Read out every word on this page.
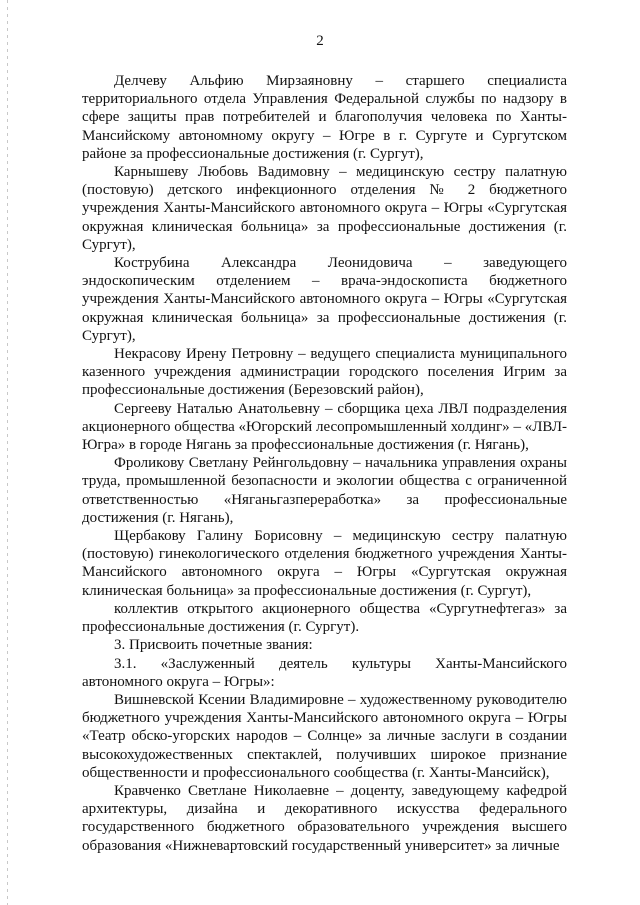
2

Делчеву Альфию Мирзаяновну – старшего специалиста территориального отдела Управления Федеральной службы по надзору в сфере защиты прав потребителей и благополучия человека по Ханты-Мансийскому автономному округу – Югре в г. Сургуте и Сургутском районе за профессиональные достижения (г. Сургут),

Карнышеву Любовь Вадимовну – медицинскую сестру палатную (постовую) детского инфекционного отделения № 2 бюджетного учреждения Ханты-Мансийского автономного округа – Югры «Сургутская окружная клиническая больница» за профессиональные достижения (г. Сургут),

Кострубина Александра Леонидовича – заведующего эндоскопическим отделением – врача-эндоскописта бюджетного учреждения Ханты-Мансийского автономного округа – Югры «Сургутская окружная клиническая больница» за профессиональные достижения (г. Сургут),

Некрасову Ирену Петровну – ведущего специалиста муниципального казенного учреждения администрации городского поселения Игрим за профессиональные достижения (Березовский район),

Сергееву Наталью Анатольевну – сборщика цеха ЛВЛ подразделения акционерного общества «Югорский лесопромышленный холдинг» – «ЛВЛ-Югра» в городе Нягань за профессиональные достижения (г. Нягань),

Фроликову Светлану Рейнгольдовну – начальника управления охраны труда, промышленной безопасности и экологии общества с ограниченной ответственностью «Няганьгазпереработка» за профессиональные достижения (г. Нягань),

Щербакову Галину Борисовну – медицинскую сестру палатную (постовую) гинекологического отделения бюджетного учреждения Ханты-Мансийского автономного округа – Югры «Сургутская окружная клиническая больница» за профессиональные достижения (г. Сургут),

коллектив открытого акционерного общества «Сургутнефтегаз» за профессиональные достижения (г. Сургут).

3. Присвоить почетные звания:

3.1. «Заслуженный деятель культуры Ханты-Мансийского автономного округа – Югры»:

Вишневской Ксении Владимировне – художественному руководителю бюджетного учреждения Ханты-Мансийского автономного округа – Югры «Театр обско-угорских народов – Солнце» за личные заслуги в создании высокохудожественных спектаклей, получивших широкое признание общественности и профессионального сообщества (г. Ханты-Мансийск),

Кравченко Светлане Николаевне – доценту, заведующему кафедрой архитектуры, дизайна и декоративного искусства федерального государственного бюджетного образовательного учреждения высшего образования «Нижневартовский государственный университет» за личные
